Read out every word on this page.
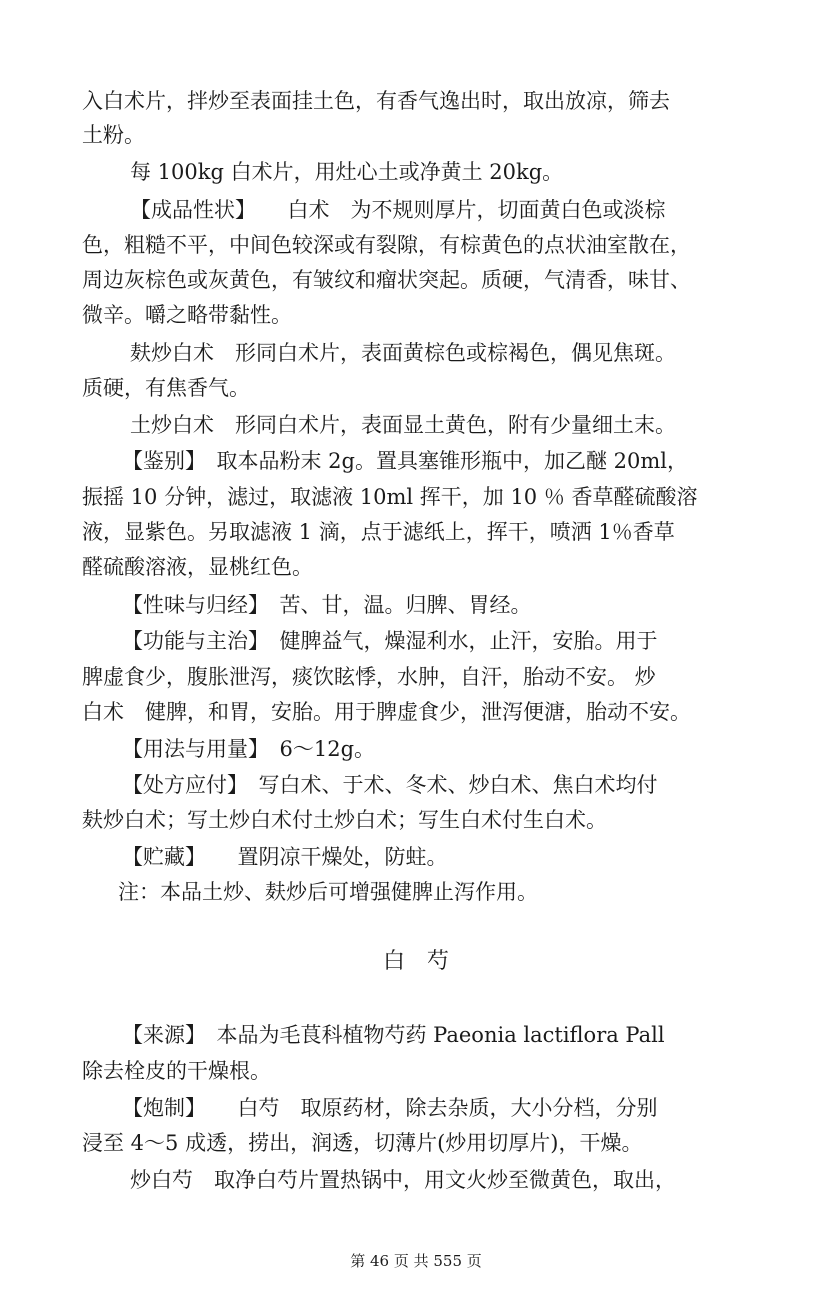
入白术片，拌炒至表面挂土色，有香气逸出时，取出放凉，筛去
土粉。
每 100kg 白术片，用灶心土或净黄土 20kg。
【成品性状】　　白术　为不规则厚片，切面黄白色或淡棕
色，粗糙不平，中间色较深或有裂隙，有棕黄色的点状油室散在，
周边灰棕色或灰黄色，有皱纹和瘤状突起。质硬，气清香，味甘、
微辛。嚼之略带黏性。
麸炒白术　形同白术片，表面黄棕色或棕褐色，偶见焦斑。
质硬，有焦香气。
土炒白术　形同白术片，表面显土黄色，附有少量细土末。
【鉴别】　取本品粉末 2g。置具塞锥形瓶中，加乙醚 20ml，
振摇 10 分钟，滤过，取滤液 10ml 挥干，加 10 ％ 香草醛硫酸溶
液，显紫色。另取滤液 1 滴，点于滤纸上，挥干，喷洒 1％香草
醛硫酸溶液，显桃红色。
【性味与归经】　苦、甘，温。归脾、胃经。
【功能与主治】　健脾益气，燥湿利水，止汗，安胎。用于
脾虚食少，腹胀泄泻，痰饮眩悸，水肿，自汗，胎动不安。 炒
白术　健脾，和胃，安胎。用于脾虚食少，泄泻便溏，胎动不安。
【用法与用量】　6～12g。
【处方应付】　写白术、于术、冬术、炒白术、焦白术均付
麸炒白术；写土炒白术付土炒白术；写生白术付生白术。
【贮藏】　　置阴凉干燥处，防蛀。
注：本品土炒、麸炒后可增强健脾止泻作用。
白芍
【来源】　本品为毛茛科植物芍药 Paeonia lactiflora Pall
除去栓皮的干燥根。
【炮制】　　白芍　取原药材，除去杂质，大小分档，分别
浸至 4～5 成透，捞出，润透，切薄片(炒用切厚片)，干燥。
炒白芍　取净白芍片置热锅中，用文火炒至微黄色，取出，
第 46 页 共 555 页
